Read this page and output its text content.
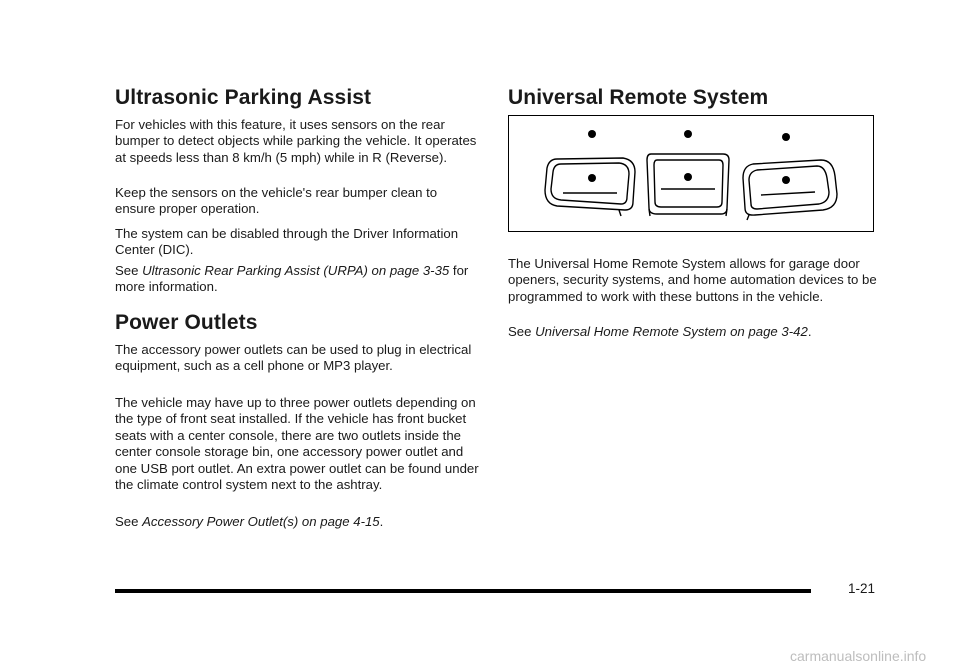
Ultrasonic Parking Assist

For vehicles with this feature, it uses sensors on the rear bumper to detect objects while parking the vehicle. It operates at speeds less than 8 km/h (5 mph) while in R (Reverse).

Keep the sensors on the vehicle's rear bumper clean to ensure proper operation.

The system can be disabled through the Driver Information Center (DIC).

See Ultrasonic Rear Parking Assist (URPA) on page 3-35 for more information.

Power Outlets

The accessory power outlets can be used to plug in electrical equipment, such as a cell phone or MP3 player.

The vehicle may have up to three power outlets depending on the type of front seat installed. If the vehicle has front bucket seats with a center console, there are two outlets inside the center console storage bin, one accessory power outlet and one USB port outlet. An extra power outlet can be found under the climate control system next to the ashtray.

See Accessory Power Outlet(s) on page 4-15.

Universal Remote System

The Universal Home Remote System allows for garage door openers, security systems, and home automation devices to be programmed to work with these buttons in the vehicle.

See Universal Home Remote System on page 3-42.

1-21
carmanualsonline.info
